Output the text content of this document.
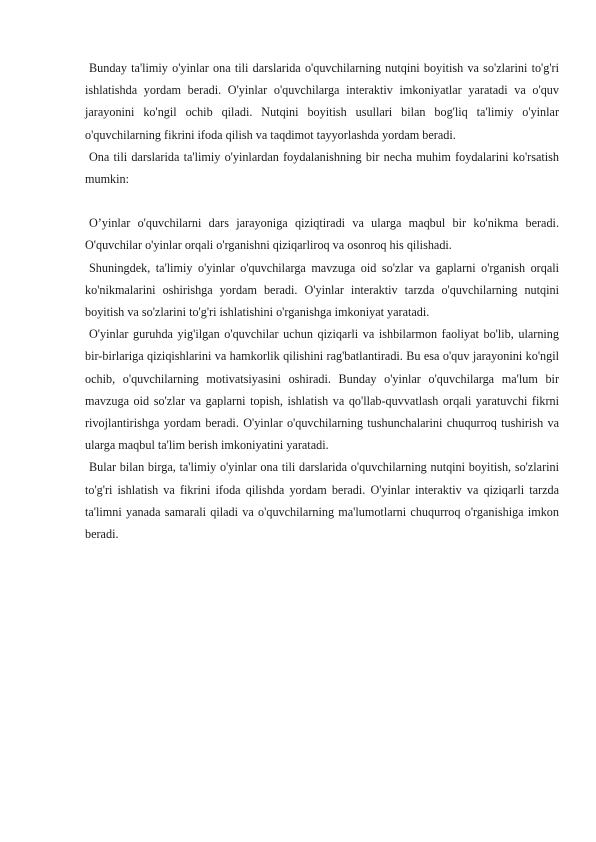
Bunday ta'limiy o'yinlar ona tili darslarida o'quvchilarning nutqini boyitish va so'zlarini to'g'ri ishlatishda yordam beradi. O'yinlar o'quvchilarga interaktiv imkoniyatlar yaratadi va o'quv jarayonini ko'ngil ochib qiladi. Nutqini boyitish usullari bilan bog'liq ta'limiy o'yinlar o'quvchilarning fikrini ifoda qilish va taqdimot tayyorlashda yordam beradi.

Ona tili darslarida ta'limiy o'yinlardan foydalanishning bir necha muhim foydalarini ko'rsatish mumkin:

O’yinlar o'quvchilarni dars jarayoniga qiziqtiradi va ularga maqbul bir ko'nikma beradi. O'quvchilar o'yinlar orqali o'rganishni qiziqarliroq va osonroq his qilishadi.

Shuningdek, ta'limiy o'yinlar o'quvchilarga mavzuga oid so'zlar va gaplarni o'rganish orqali ko'nikmalarini oshirishga yordam beradi. O'yinlar interaktiv tarzda o'quvchilarning nutqini boyitish va so'zlarini to'g'ri ishlatishini o'rganishga imkoniyat yaratadi.

O'yinlar guruhda yig'ilgan o'quvchilar uchun qiziqarli va ishbilarmon faoliyat bo'lib, ularning bir-birlariga qiziqishlarini va hamkorlik qilishini rag'batlantiradi. Bu esa o'quv jarayonini ko'ngil ochib, o'quvchilarning motivatsiyasini oshiradi. Bunday o'yinlar o'quvchilarga ma'lum bir mavzuga oid so'zlar va gaplarni topish, ishlatish va qo'llab-quvvatlash orqali yaratuvchi fikrni rivojlantirishga yordam beradi. O'yinlar o'quvchilarning tushunchalarini chuqurroq tushirish va ularga maqbul ta'lim berish imkoniyatini yaratadi.

Bular bilan birga, ta'limiy o'yinlar ona tili darslarida o'quvchilarning nutqini boyitish, so'zlarini to'g'ri ishlatish va fikrini ifoda qilishda yordam beradi. O'yinlar interaktiv va qiziqarli tarzda ta'limni yanada samarali qiladi va o'quvchilarning ma'lumotlarni chuqurroq o'rganishiga imkon beradi.
